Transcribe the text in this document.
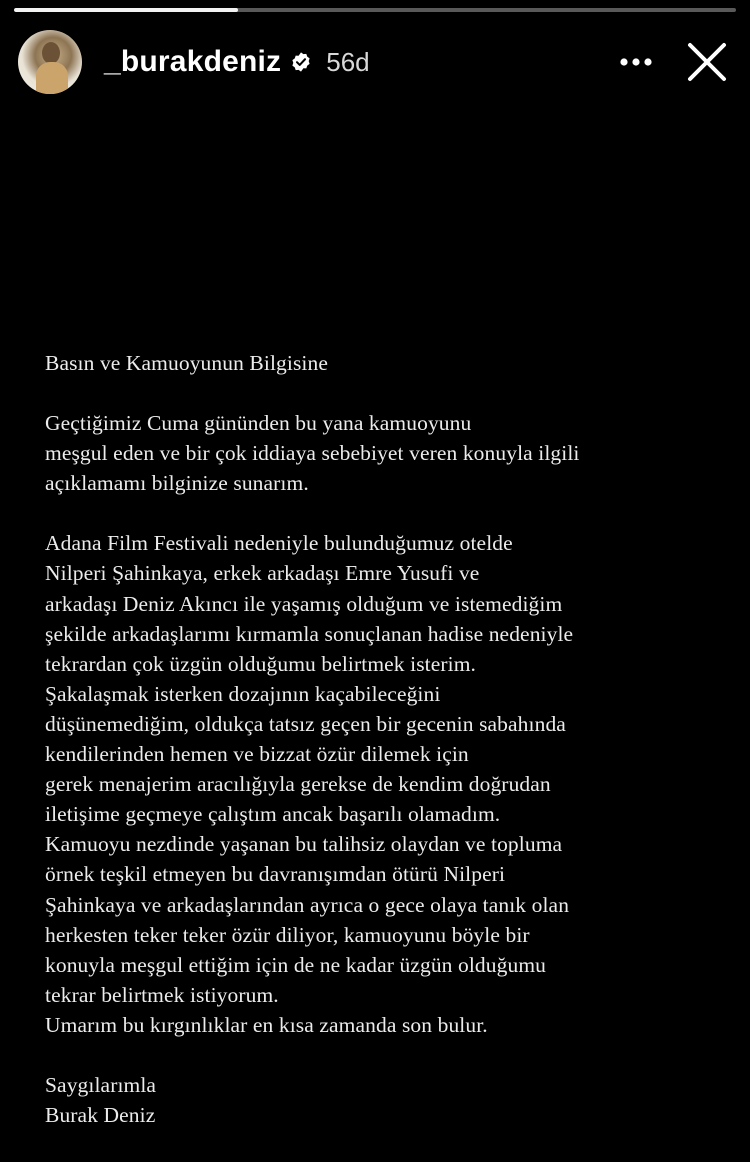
_burakdeniz 56d
Basın ve Kamuoyunun Bilgisine
Geçtiğimiz Cuma gününden bu yana kamuoyunu
meşgul eden ve bir çok iddiaya sebebiyet veren konuyla ilgili
açıklamamı bilginize sunarım.
Adana Film Festivali nedeniyle bulunduğumuz otelde
Nilperi Şahinkaya, erkek arkadaşı Emre Yusufi ve
arkadaşı Deniz Akıncı ile yaşamış olduğum ve istemediğim
şekilde arkadaşlarımı kırmamla sonuçlanan hadise nedeniyle
tekrardan çok üzgün olduğumu belirtmek isterim.
Şakalaşmak isterken dozajının kaçabileceğini
düşünemediğim, oldukça tatsız geçen bir gecenin sabahında
kendilerinden hemen ve bizzat özür dilemek için
gerek menajerim aracılığıyla gerekse de kendim doğrudan
iletişime geçmeye çalıştım ancak başarılı olamadım.
Kamuoyu nezdinde yaşanan bu talihsiz olaydan ve topluma
örnek teşkil etmeyen bu davranışımdan ötürü Nilperi
Şahinkaya ve arkadaşlarından ayrıca o gece olaya tanık olan
herkesten teker teker özür diliyor, kamuoyunu böyle bir
konuyla meşgul ettiğim için de ne kadar üzgün olduğumu
tekrar belirtmek istiyorum.
Umarım bu kırgınlıklar en kısa zamanda son bulur.
Saygılarımla
Burak Deniz
